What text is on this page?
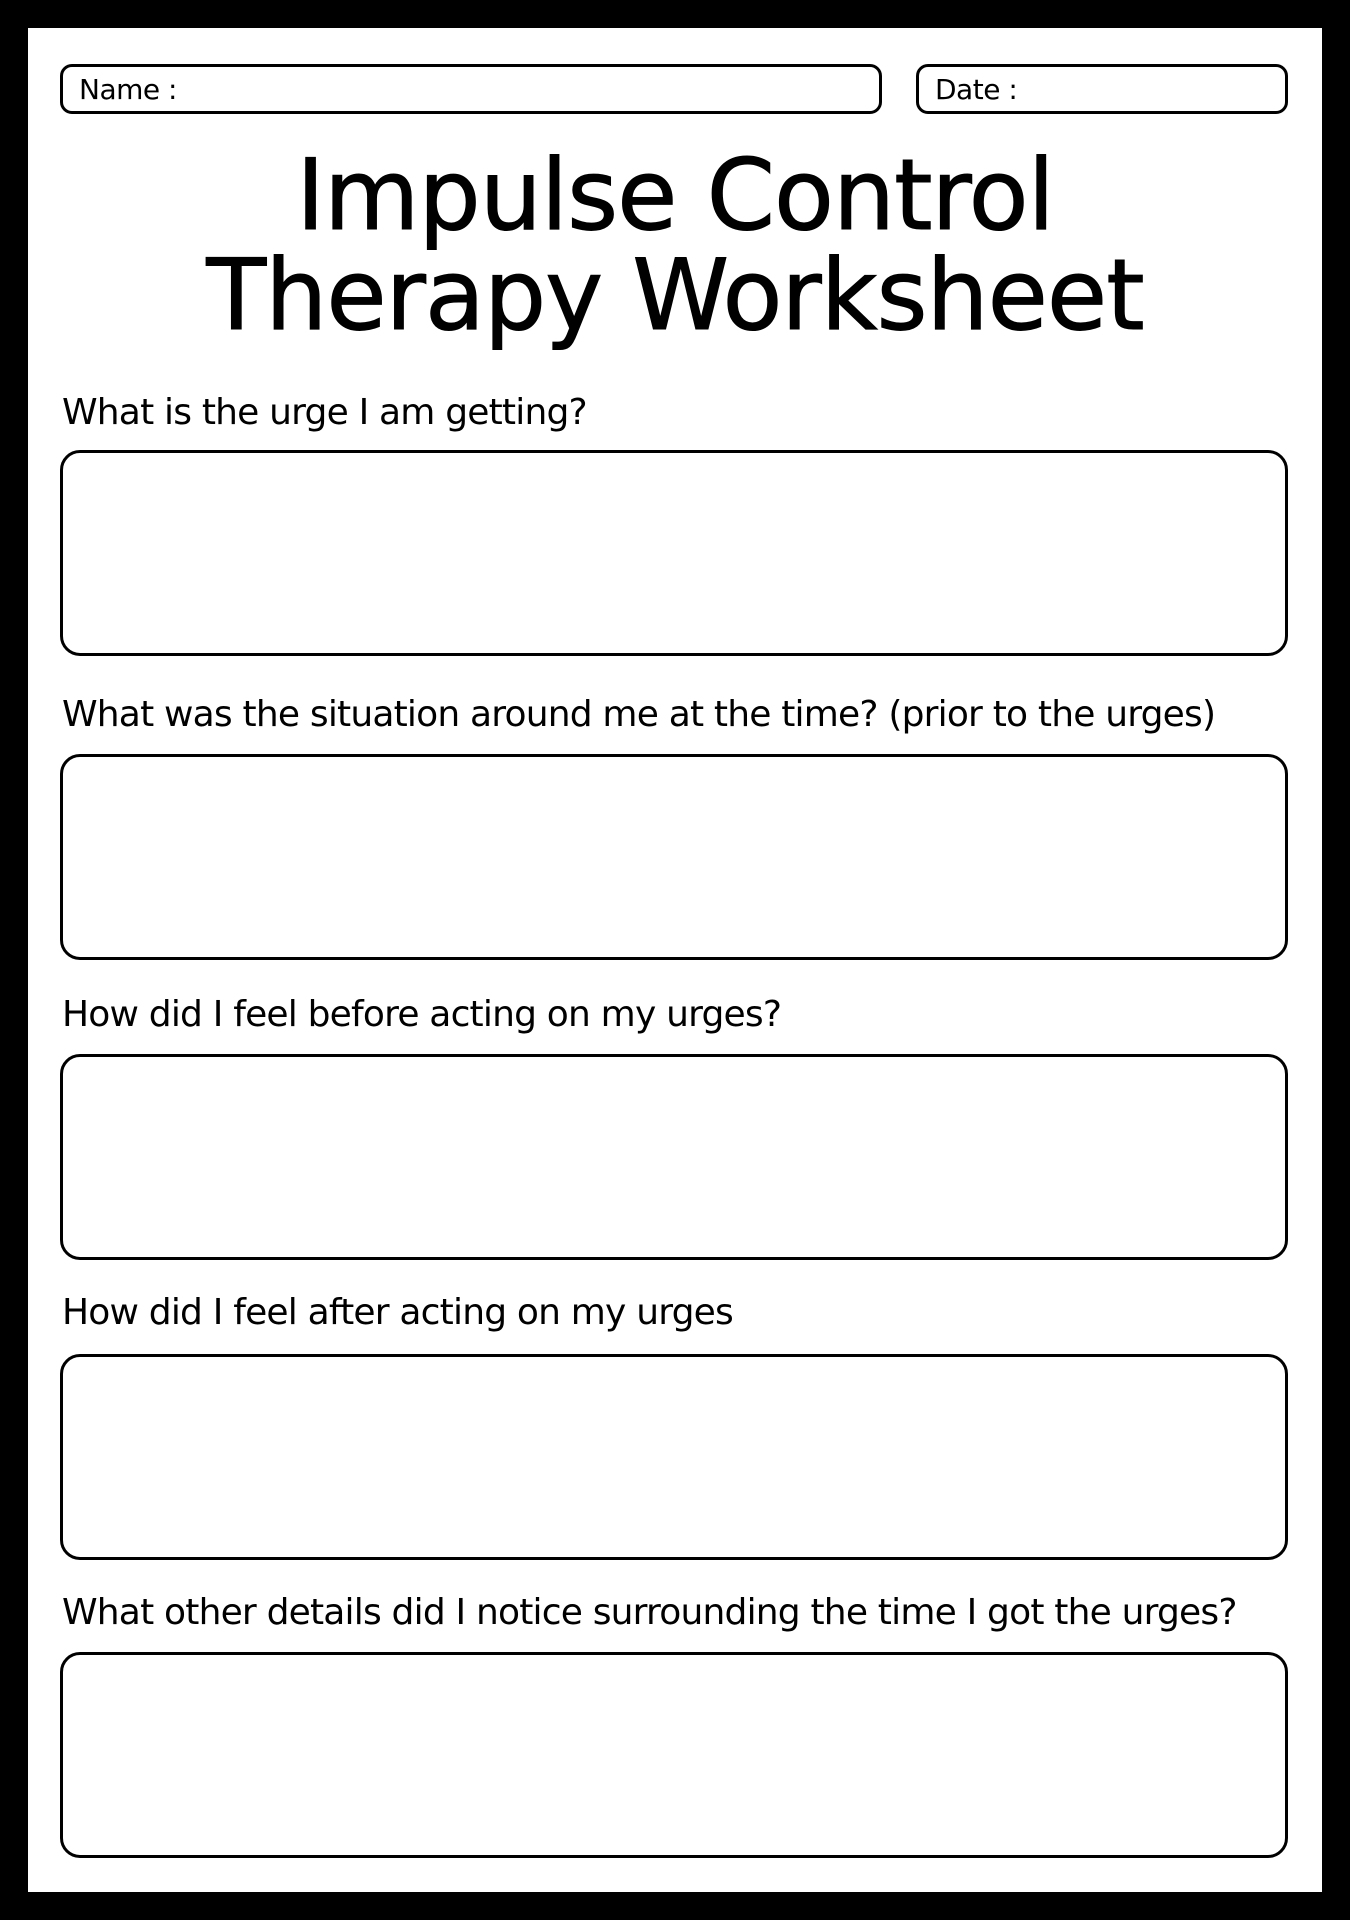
Name :	Date :
Impulse Control
Therapy Worksheet

What is the urge I am getting?

What was the situation around me at the time? (prior to the urges)

How did I feel before acting on my urges?

How did I feel after acting on my urges

What other details did I notice surrounding the time I got the urges?
